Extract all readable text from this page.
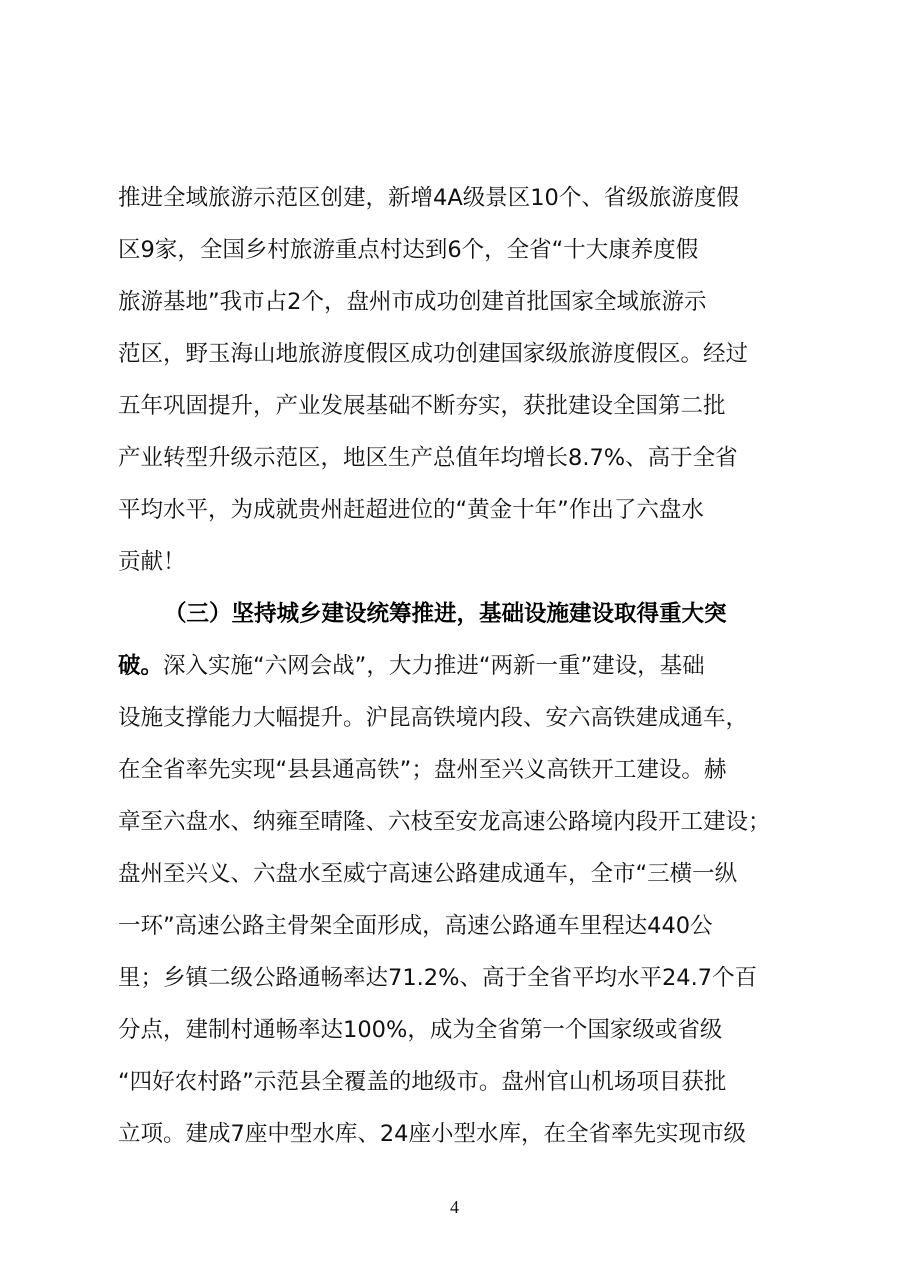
推进全域旅游示范区创建，新增4A级景区10个、省级旅游度假
区9家，全国乡村旅游重点村达到6个，全省“十大康养度假
旅游基地”我市占2个，盘州市成功创建首批国家全域旅游示
范区，野玉海山地旅游度假区成功创建国家级旅游度假区。经过
五年巩固提升，产业发展基础不断夯实，获批建设全国第二批
产业转型升级示范区，地区生产总值年均增长8.7%、高于全省
平均水平，为成就贵州赶超进位的“黄金十年”作出了六盘水
贡献！
（三）坚持城乡建设统筹推进，基础设施建设取得重大突
破。深入实施“六网会战”，大力推进“两新一重”建设，基础
设施支撑能力大幅提升。沪昆高铁境内段、安六高铁建成通车，
在全省率先实现“县县通高铁”；盘州至兴义高铁开工建设。赫
章至六盘水、纳雍至晴隆、六枝至安龙高速公路境内段开工建设；
盘州至兴义、六盘水至威宁高速公路建成通车，全市“三横一纵
一环”高速公路主骨架全面形成，高速公路通车里程达440公
里；乡镇二级公路通畅率达71.2%、高于全省平均水平24.7个百
分点，建制村通畅率达100%，成为全省第一个国家级或省级
“四好农村路”示范县全覆盖的地级市。盘州官山机场项目获批
立项。建成7座中型水库、24座小型水库，在全省率先实现市级
4
